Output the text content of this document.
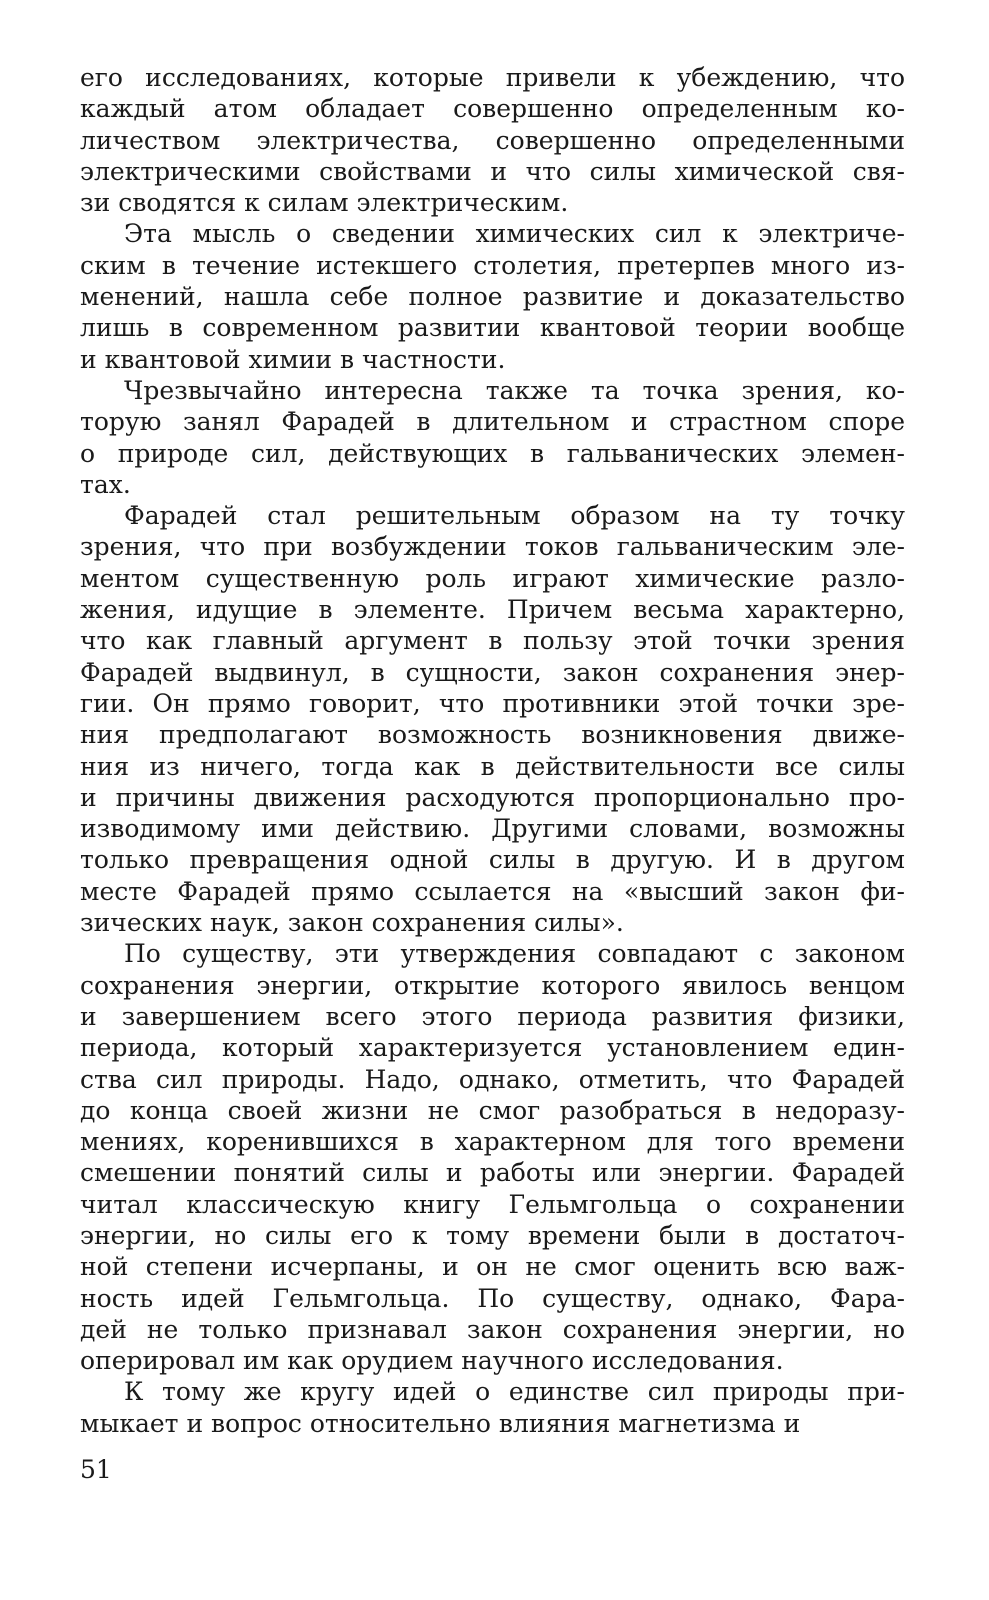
его исследованиях, которые привели к убеждению, что
каждый атом обладает совершенно определенным ко-
личеством электричества, совершенно определенными
электрическими свойствами и что силы химической свя-
зи сводятся к силам электрическим.
Эта мысль о сведении химических сил к электриче-
ским в течение истекшего столетия, претерпев много из-
менений, нашла себе полное развитие и доказательство
лишь в современном развитии квантовой теории вообще
и квантовой химии в частности.
Чрезвычайно интересна также та точка зрения, ко-
торую занял Фарадей в длительном и страстном споре
о природе сил, действующих в гальванических элемен-
тах.
Фарадей стал решительным образом на ту точку
зрения, что при возбуждении токов гальваническим эле-
ментом существенную роль играют химические разло-
жения, идущие в элементе. Причем весьма характерно,
что как главный аргумент в пользу этой точки зрения
Фарадей выдвинул, в сущности, закон сохранения энер-
гии. Он прямо говорит, что противники этой точки зре-
ния предполагают возможность возникновения движе-
ния из ничего, тогда как в действительности все силы
и причины движения расходуются пропорционально про-
изводимому ими действию. Другими словами, возможны
только превращения одной силы в другую. И в другом
месте Фарадей прямо ссылается на «высший закон фи-
зических наук, закон сохранения силы».
По существу, эти утверждения совпадают с законом
сохранения энергии, открытие которого явилось венцом
и завершением всего этого периода развития физики,
периода, который характеризуется установлением един-
ства сил природы. Надо, однако, отметить, что Фарадей
до конца своей жизни не смог разобраться в недоразу-
мениях, коренившихся в характерном для того времени
смешении понятий силы и работы или энергии. Фарадей
читал классическую книгу Гельмгольца о сохранении
энергии, но силы его к тому времени были в достаточ-
ной степени исчерпаны, и он не смог оценить всю важ-
ность идей Гельмгольца. По существу, однако, Фара-
дей не только признавал закон сохранения энергии, но
оперировал им как орудием научного исследования.
К тому же кругу идей о единстве сил природы при-
мыкает и вопрос относительно влияния магнетизма и
51
